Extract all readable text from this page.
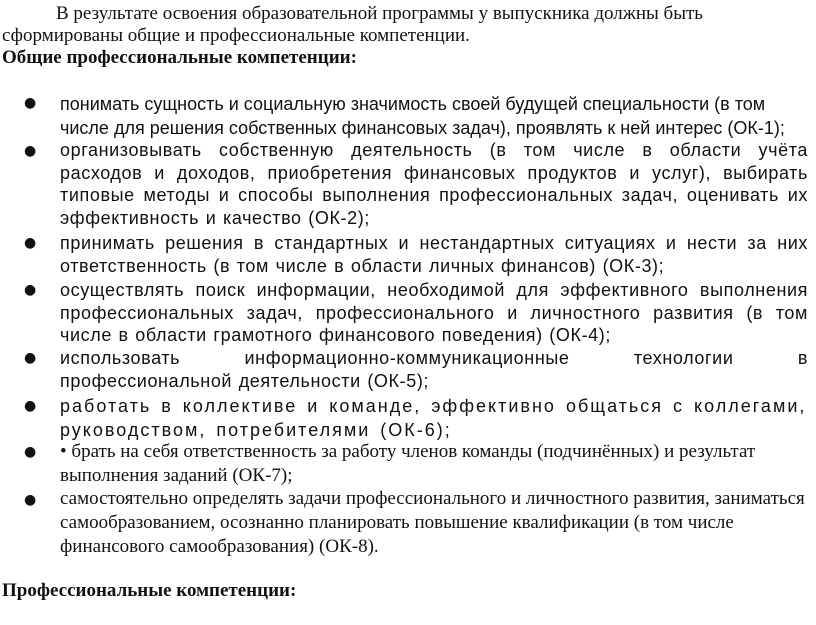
В результате освоения образовательной программы у выпускника должны быть сформированы общие и профессиональные компетенции.

Общие профессиональные компетенции:

● понимать сущность и социальную значимость своей будущей специальности (в том числе для решения собственных финансовых задач), проявлять к ней интерес (ОК-1);

● организовывать собственную деятельность (в том числе в области учёта расходов и доходов, приобретения финансовых продуктов и услуг), выбирать типовые методы и способы выполнения профессиональных задач, оценивать их эффективность и качество (ОК-2);

● принимать решения в стандартных и нестандартных ситуациях и нести за них ответственность (в том числе в области личных финансов) (ОК-3);

● осуществлять поиск информации, необходимой для эффективного выполнения профессиональных задач, профессионального и личностного развития (в том числе в области грамотного финансового поведения) (ОК-4);

● использовать информационно-коммуникационные технологии в профессиональной деятельности (ОК-5);

● работать в коллективе и команде, эффективно общаться с коллегами, руководством, потребителями (ОК-6);

● • брать на себя ответственность за работу членов команды (подчинённых) и результат выполнения заданий (ОК-7);

● самостоятельно определять задачи профессионального и личностного развития, заниматься самообразованием, осознанно планировать повышение квалификации (в том числе финансового самообразования) (ОК-8).

Профессиональные компетенции:
